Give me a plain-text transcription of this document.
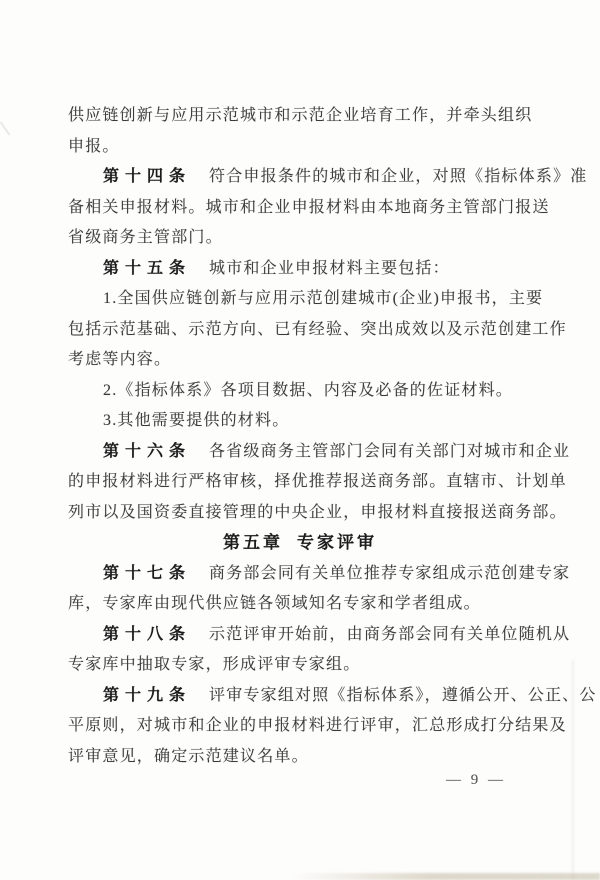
供应链创新与应用示范城市和示范企业培育工作，并牵头组织
申报。
第十四条 符合申报条件的城市和企业，对照《指标体系》准
备相关申报材料。城市和企业申报材料由本地商务主管部门报送
省级商务主管部门。
第十五条 城市和企业申报材料主要包括：
1.全国供应链创新与应用示范创建城市(企业)申报书，主要
包括示范基础、示范方向、已有经验、突出成效以及示范创建工作
考虑等内容。
2.《指标体系》各项目数据、内容及必备的佐证材料。
3.其他需要提供的材料。
第十六条 各省级商务主管部门会同有关部门对城市和企业
的申报材料进行严格审核，择优推荐报送商务部。直辖市、计划单
列市以及国资委直接管理的中央企业，申报材料直接报送商务部。
第五章 专家评审
第十七条 商务部会同有关单位推荐专家组成示范创建专家
库，专家库由现代供应链各领域知名专家和学者组成。
第十八条 示范评审开始前，由商务部会同有关单位随机从
专家库中抽取专家，形成评审专家组。
第十九条 评审专家组对照《指标体系》，遵循公开、公正、公
平原则，对城市和企业的申报材料进行评审，汇总形成打分结果及
评审意见，确定示范建议名单。
— 9 —
